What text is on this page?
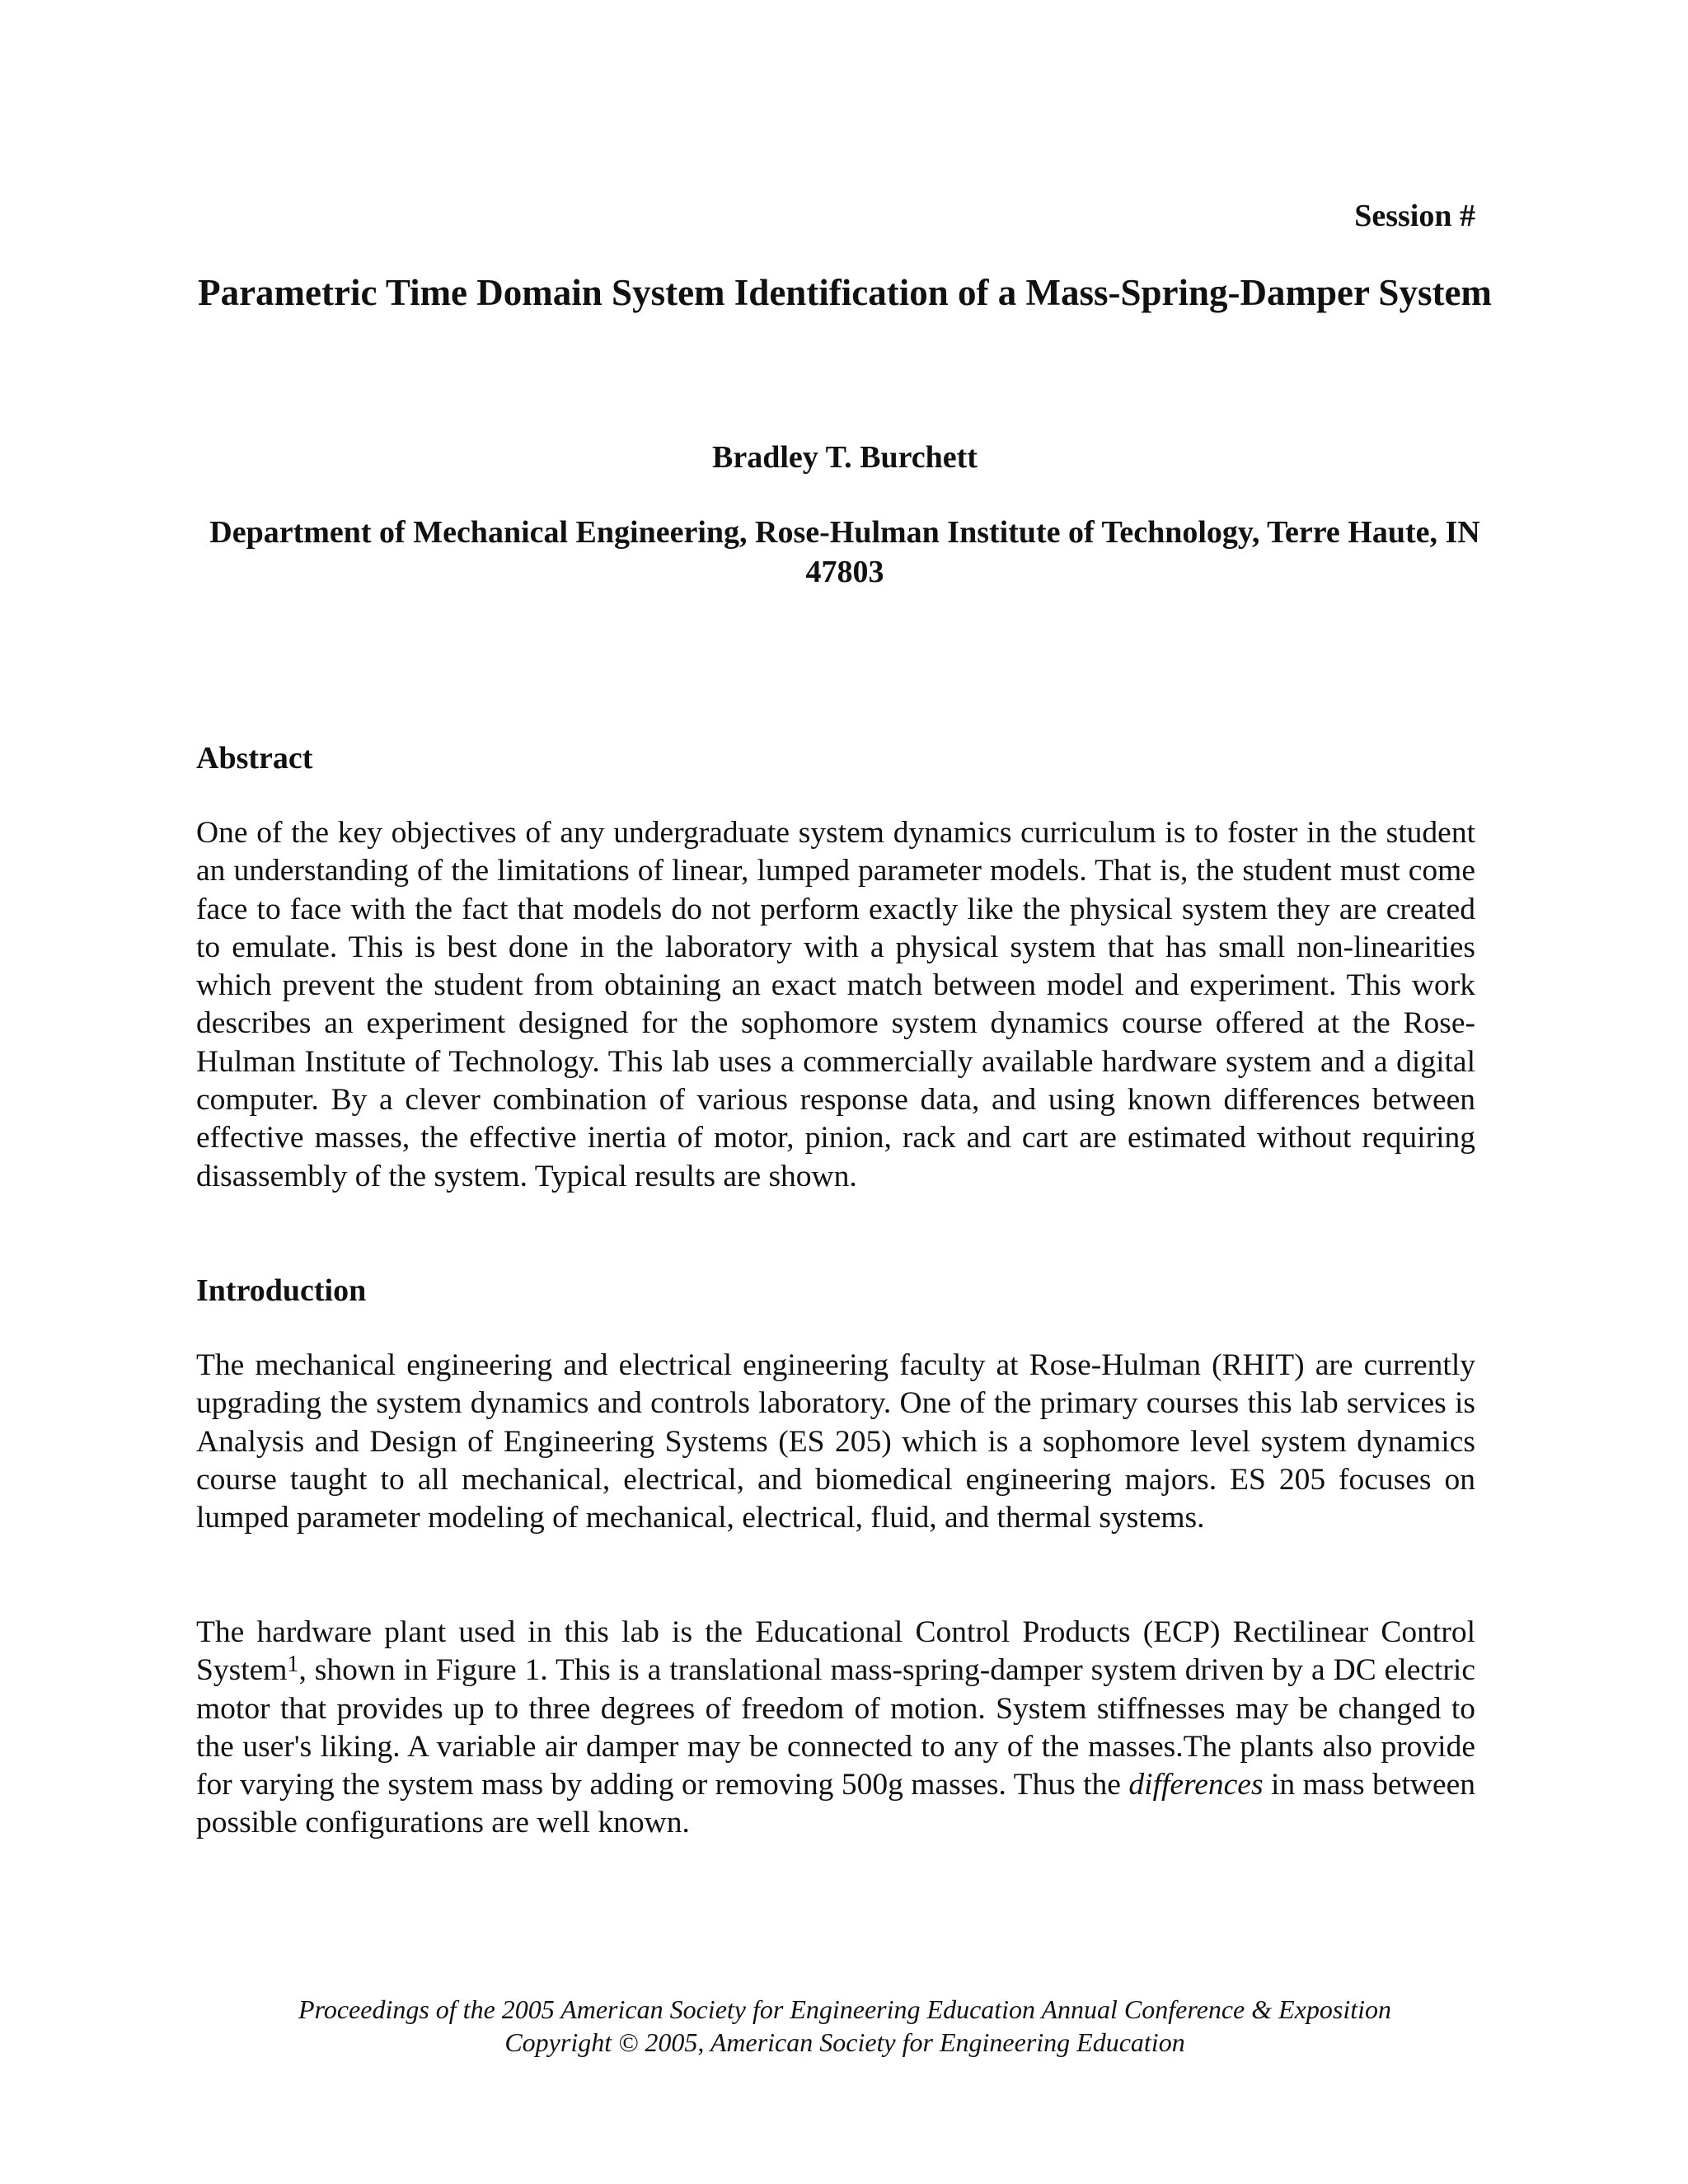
Session #
Parametric Time Domain System Identification of a Mass-Spring-Damper System
Bradley T. Burchett
Department of Mechanical Engineering, Rose-Hulman Institute of Technology, Terre Haute, IN 47803
Abstract

One of the key objectives of any undergraduate system dynamics curriculum is to foster in the student an understanding of the limitations of linear, lumped parameter models. That is, the student must come face to face with the fact that models do not perform exactly like the physical system they are created to emulate. This is best done in the laboratory with a physical system that has small non-linearities which prevent the student from obtaining an exact match between model and experiment. This work describes an experiment designed for the sophomore system dynamics course offered at the Rose-Hulman Institute of Technology. This lab uses a commercially available hardware system and a digital computer. By a clever combination of various response data, and using known differences between effective masses, the effective inertia of motor, pinion, rack and cart are estimated without requiring disassembly of the system. Typical results are shown.

Introduction

The mechanical engineering and electrical engineering faculty at Rose-Hulman (RHIT) are currently upgrading the system dynamics and controls laboratory. One of the primary courses this lab services is Analysis and Design of Engineering Systems (ES 205) which is a sophomore level system dynamics course taught to all mechanical, electrical, and biomedical engineering majors. ES 205 focuses on lumped parameter modeling of mechanical, electrical, fluid, and thermal systems.

The hardware plant used in this lab is the Educational Control Products (ECP) Rectilinear Control System$^1$, shown in Figure 1. This is a translational mass-spring-damper system driven by a DC electric motor that provides up to three degrees of freedom of motion. System stiffnesses may be changed to the user's liking. A variable air damper may be connected to any of the masses.The plants also provide for varying the system mass by adding or removing 500g masses. Thus the differences in mass between possible configurations are well known.

Proceedings of the 2005 American Society for Engineering Education Annual Conference & Exposition
Copyright © 2005, American Society for Engineering Education
